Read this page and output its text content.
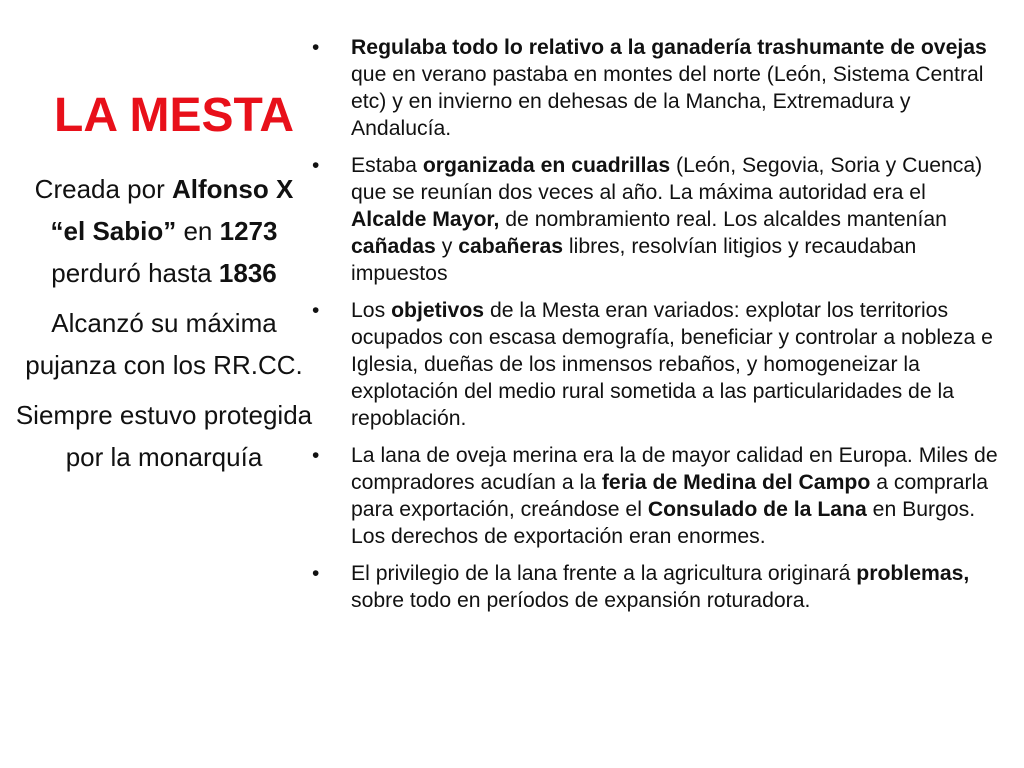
LA MESTA

Creada por Alfonso X “el Sabio” en 1273 perduró hasta 1836

Alcanzó su máxima pujanza con los RR.CC.

Siempre estuvo protegida por la monarquía

• Regulaba todo lo relativo a la ganadería trashumante de ovejas que en verano pastaba en montes del norte (León, Sistema Central etc) y en invierno en dehesas de la Mancha, Extremadura y Andalucía.
• Estaba organizada en cuadrillas (León, Segovia, Soria y Cuenca) que se reunían dos veces al año. La máxima autoridad era el Alcalde Mayor, de nombramiento real. Los alcaldes mantenían cañadas y cabañeras libres, resolvían litigios y recaudaban impuestos
• Los objetivos de la Mesta eran variados: explotar los territorios ocupados con escasa demografía, beneficiar y controlar a nobleza e Iglesia, dueñas de los inmensos rebaños, y homogeneizar la explotación del medio rural sometida a las particularidades de la repoblación.
• La lana de oveja merina era la de mayor calidad en Europa. Miles de compradores acudían a la feria de Medina del Campo a comprarla para exportación, creándose el Consulado de la Lana en Burgos. Los derechos de exportación eran enormes.
• El privilegio de la lana frente a la agricultura originará problemas, sobre todo en períodos de expansión roturadora.
